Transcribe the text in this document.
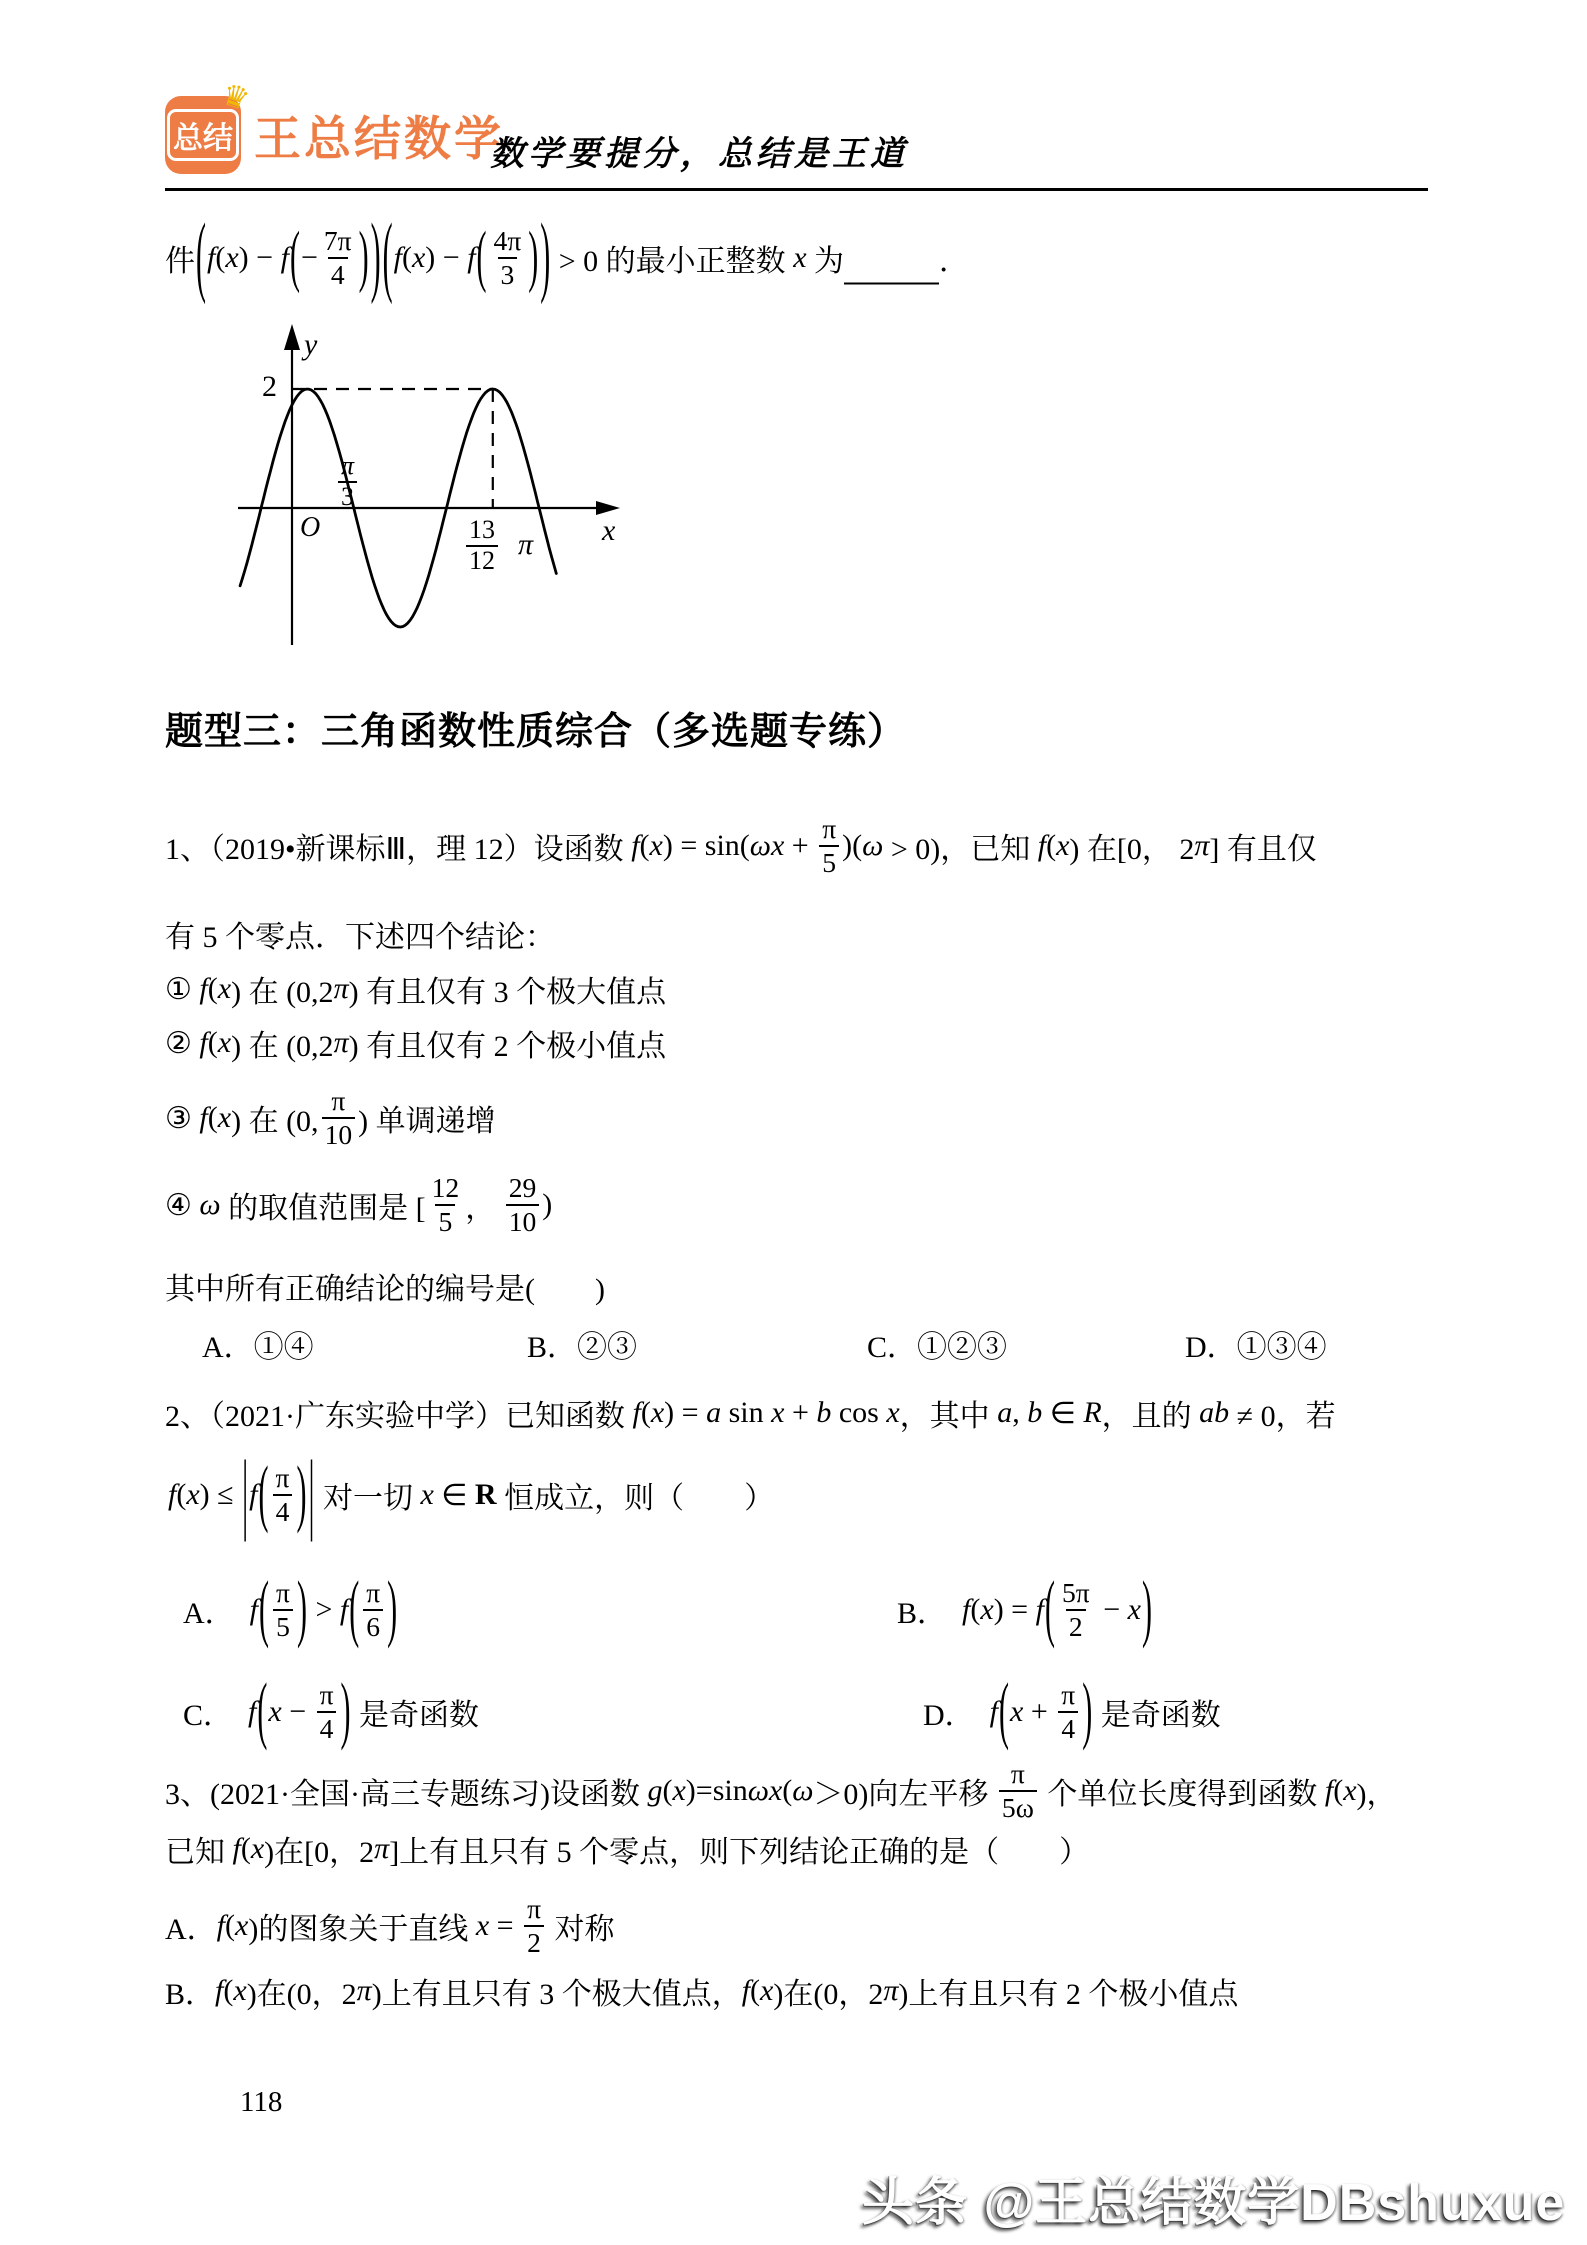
♛
总结 王总结数学
数学要提分，总结是王道
件 ( f ( x ) − f ( − $\frac{7\pi}{4}$ ) ) ( f ( x ) − f ( $\frac{4\pi}{3}$ ) ) > 0 的最小正整数 x 为	．
y
x
2
O
$\frac{\pi}{3}$
$\frac{13}{12}$ π
题型三：三角函数性质综合（多选题专练）
1、（2019•新课标Ⅲ，理 12）设函数 f ( x ) = sin( $\omega x + \frac{\pi}{5}$ )( ω > 0)，已知 f ( x ) 在[0， 2 π ] 有且仅
有 5 个零点．下述四个结论：
① f ( x ) 在 (0,2 π ) 有且仅有 3 个极大值点
② f ( x ) 在 (0,2 π ) 有且仅有 2 个极小值点
③ f ( x ) 在 (0, $\frac{\pi}{10}$ ) 单调递增
④ ω 的取值范围是 [ $\frac{12}{5}$ ， $\frac{29}{10}$ )
其中所有正确结论的编号是(　　)
A．①④	B．②③	C．①②③	D．①③④
2、（2021·广东实验中学）已知函数 f ( x ) = a sin x + b cos x ，其中 a , b ∈ R ，且的 ab ≠ 0，若
f ( x ) ≤ | f ( $\frac{\pi}{4}$ ) | 对一切 x ∈ R 恒成立，则（　　）
A． f ( $\frac{\pi}{5}$ ) > f ( $\frac{\pi}{6}$ )	B． f ( x ) = f ( $\frac{5\pi}{2} - x$ )
C． f ( $x - \frac{\pi}{4}$ ) 是奇函数	D． f ( $x + \frac{\pi}{4}$ ) 是奇函数
3、(2021·全国·高三专题练习)设函数 g ( x )=sin ωx ( ω ＞0)向左平移 $\frac{\pi}{5\omega}$ 个单位长度得到函数 f ( x )，
已知 f ( x )在[0，2 π ]上有且只有 5 个零点，则下列结论正确的是（　　）
A． f ( x )的图象关于直线 $x = \frac{\pi}{2}$ 对称
B． f ( x )在(0，2 π )上有且只有 3 个极大值点， f ( x )在(0，2 π )上有且只有 2 个极小值点
118
头条 @王总结数学DBshuxue
